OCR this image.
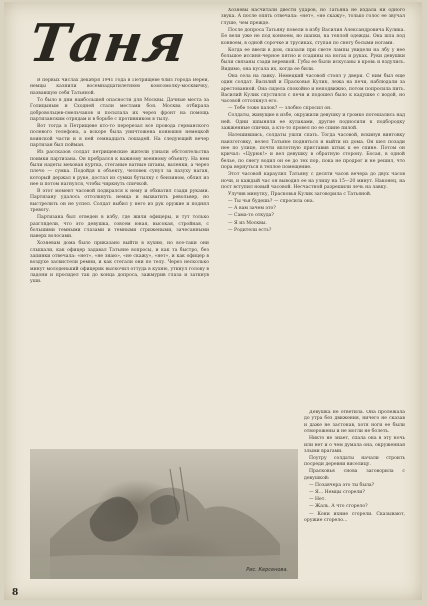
Таня

В первых числах декабря 1941 года в Петрищеве близ города Вереи, немцы казнили восемнадцатилетнюю комсомолку-москвичку, назвавшую себя Татьяной.

То было в дни наибольшей опасности для Москвы. Дачные места за Голицыным и Сходней стали местами боя. Москва отбирала добровольцев-смельчаков и посылала их через фронт на помощь партизанским отрядам и в борьбе с противником в тылу.

Вот тогда в Петрищеве кто-то перерезал все провода германского полевого телефона, а вскоре была уничтожена конюшня немецкой воинской части и в ней семнадцать лошадей. На следующий вечер партизан был пойман.

Из рассказов солдат петрищевские жители узнали обстоятельства поимки партизана. Он пробрался к важному военному объекту. На нем были надеты меховая куртка, стеганые ватные штаны, валенки, а через плечо — сумка. Подойдя к объекту, человек сунул за пазуху наган, который держал в руке, достал из сумки бутылку с бензином, облил из нее и потом нагнулся, чтобы чиркнуть спичкой.

В этот момент часовой подкрался к нему и обхватил сзади руками. Партизану удалось оттолкнуть немца и выхватить револьвер, но выстрелить он не успел. Солдат выбил у него из рук оружие и поднял тревогу.

Партизана был отведен в избу, где жили офицеры, и тут только разглядели, что это девушка, совсем юная, высокая, стройная, с большими темными глазами и темными стрижеными, зачесанными наверх волосами.

Хозяевам дома было приказано выйти в кухню, но все-таки они слышали, как офицер задавал Татьяне вопросы, и как та быстро, без запинки отвечала: «нет», «не знаю», «не скажу», «нет», и как офицер в воздухе засвистели ремни, и как стегали они по телу. Через несколько минут молоденький офицерик выскочил оттуда в кухню, уткнул голову в ладони и просидел так до конца допроса, зажмурив глаза и заткнув уши.

Хозяевы насчитали двести ударов, но Татьяна не издала ни одного звука. А после опять отвечала: «нет», «не скажу», только голос ее звучал глуше, чем прежде.

После допроса Татьяну повели в избу Василия Александровича Кулика. Ее вели уже не под конвоем, но шапки, на теплой одежды. Она шла под конвоем, в одной сорочке и трусиках, ступая по снегу босыми ногами.

Когда ее ввели в дом, сказали при свете лампы увидели на лбу у нее большое иссиня-черное пятно и ссадины на ногах и руках. Руки девушки были связаны сзади веревкой. Губы ее были искусаны в кровь и вздулись. Видимо, она кусала их, когда ее били.

Она села на лавку. Немецкий часовой стоял у двери. С ним был еще один солдат. Василий и Прасковья Кулик, лежа на печи, наблюдали за арестованной. Она сидела спокойно и неподвижно, потом попросила пить. Василий Кулик спустился с печи и подошел было к кадушке с водой, но часовой оттолкнул его.

— Тебе тоже палок? — злобно спросил он.

Солдаты, живущие в избе, окружили девушку и громко потешались над ней. Одни шпыняли ее кулаками, другие подносили к подбородку зажженные спички, а кто-то провел по ее спине пилой.

Натешившись, солдаты ушли спать. Тогда часовой, вскинув винтовку наизготовку, велел Татьяне подняться и выйти из дома. Он шел позади нее по улице, почти вплотную приставив штык к ее спине. Потом он кричал: «Цурюк!» и вел девушку в обратную сторону. Босая, в одной белье, по снегу водил он ее до тех пор, пока не продрог и не решил, что пора вернуться в теплое помещение.

Этот часовой караулил Татьяну с десяти часов вечера до двух часов ночи, и каждый час он выводил ее на улицу на 15—20 минут. Наконец, на пост вступил новый часовой. Несчастной разрешили лечь на лавку.

Улучив минутку, Прасковья Кулик заговорила с Татьяной.

— Ты чья будешь? — спросила она.

— А вам зачем это?

— Сама-то откуда?

— Я из Москвы.

— Родители есть?

Рис. Керсенова.

Девушка не ответила. Она пролежала до утра без движения, ничего не сказав и даже не застонав, хотя ноги ее были отморожены и не могли не болеть.

Никто не знает, спала она в эту ночь или нет и о чем думала она, окруженная злыми врагами.

Поутру солдаты начали строить посреди деревни виселицу.

Прасковья снова заговорила с девушкой:

— Позавчера это ты была?

— Я... Немцы сгорели?

— Нет.

— Жаль. А что сгорело?

— Кони ихние сгорели. Сказывают, оружие сгорело...

8
